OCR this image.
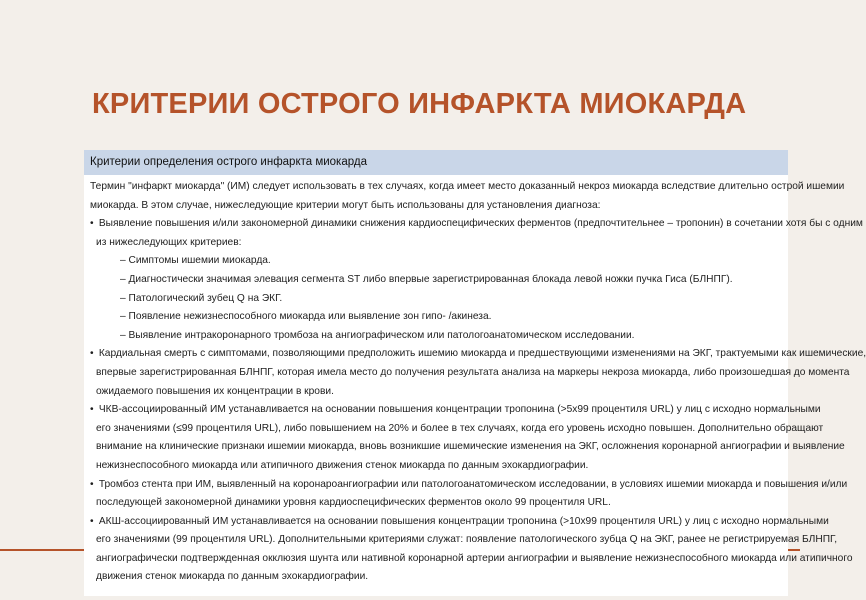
КРИТЕРИИ ОСТРОГО ИНФАРКТА МИОКАРДА
Критерии определения острого инфаркта миокарда
Термин "инфаркт миокарда" (ИМ) следует использовать в тех случаях, когда имеет место доказанный некроз миокарда вследствие длительно острой ишемии
миокарда. В этом случае, нижеследующие критерии могут быть использованы для установления диагноза:
• Выявление повышения и/или закономерной динамики снижения кардиоспецифических ферментов (предпочтительнее – тропонин) в сочетании хотя бы с одним
из нижеследующих критериев:
– Симптомы ишемии миокарда.
– Диагностически значимая элевация сегмента ST либо впервые зарегистрированная блокада левой ножки пучка Гиса (БЛНПГ).
– Патологический зубец Q на ЭКГ.
– Появление нежизнеспособного миокарда или выявление зон гипо- /акинеза.
– Выявление интракоронарного тромбоза на ангиографическом или патологоанатомическом исследовании.
• Кардиальная смерть с симптомами, позволяющими предположить ишемию миокарда и предшествующими изменениями на ЭКГ, трактуемыми как ишемические,
впервые зарегистрированная БЛНПГ, которая имела место до получения результата анализа на маркеры некроза миокарда, либо произошедшая до момента
ожидаемого повышения их концентрации в крови.
• ЧКВ-ассоциированный ИМ устанавливается на основании повышения концентрации тропонина (>5х99 процентиля URL) у лиц с исходно нормальными
его значениями (≤99 процентиля URL), либо повышением на 20% и более в тех случаях, когда его уровень исходно повышен. Дополнительно обращают
внимание на клинические признаки ишемии миокарда, вновь возникшие ишемические изменения на ЭКГ, осложнения коронарной ангиографии и выявление
нежизнеспособного миокарда или атипичного движения стенок миокарда по данным эхокардиографии.
• Тромбоз стента при ИМ, выявленный на коронароангиографии или патологоанатомическом исследовании, в условиях ишемии миокарда и повышения и/или
последующей закономерной динамики уровня кардиоспецифических ферментов около 99 процентиля URL.
• АКШ-ассоциированный ИМ устанавливается на основании повышения концентрации тропонина (>10х99 процентиля URL) у лиц с исходно нормальными
его значениями (99 процентиля URL). Дополнительными критериями служат: появление патологического зубца Q на ЭКГ, ранее не регистрируемая БЛНПГ,
ангиографически подтвержденная окклюзия шунта или нативной коронарной артерии ангиографии и выявление нежизнеспособного миокарда или атипичного
движения стенок миокарда по данным эхокардиографии.
